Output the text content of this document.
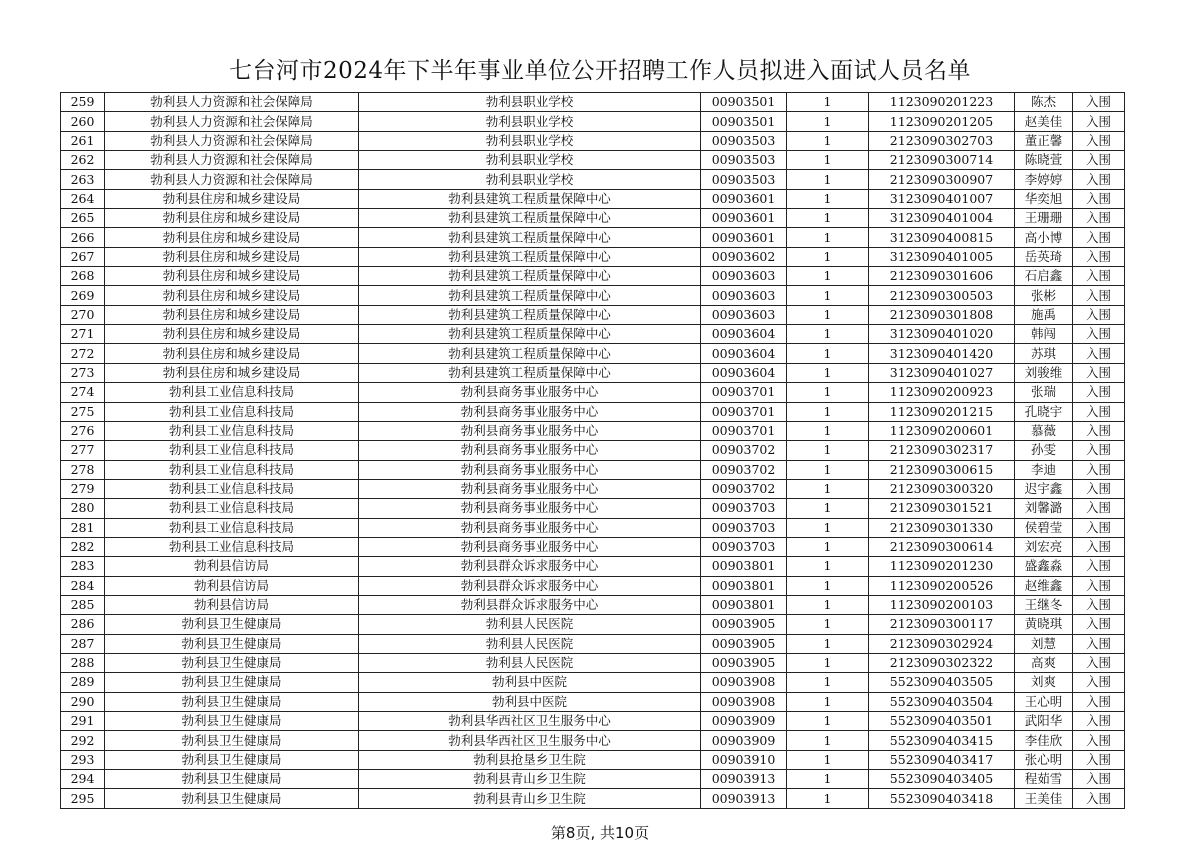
七台河市2024年下半年事业单位公开招聘工作人员拟进入面试人员名单
259	勃利县人力资源和社会保障局	勃利县职业学校	00903501	1	1123090201223	陈杰	入围
260	勃利县人力资源和社会保障局	勃利县职业学校	00903501	1	1123090201205	赵美佳	入围
261	勃利县人力资源和社会保障局	勃利县职业学校	00903503	1	2123090302703	董正馨	入围
262	勃利县人力资源和社会保障局	勃利县职业学校	00903503	1	2123090300714	陈晓萱	入围
263	勃利县人力资源和社会保障局	勃利县职业学校	00903503	1	2123090300907	李婷婷	入围
264	勃利县住房和城乡建设局	勃利县建筑工程质量保障中心	00903601	1	3123090401007	华奕旭	入围
265	勃利县住房和城乡建设局	勃利县建筑工程质量保障中心	00903601	1	3123090401004	王珊珊	入围
266	勃利县住房和城乡建设局	勃利县建筑工程质量保障中心	00903601	1	3123090400815	高小博	入围
267	勃利县住房和城乡建设局	勃利县建筑工程质量保障中心	00903602	1	3123090401005	岳英琦	入围
268	勃利县住房和城乡建设局	勃利县建筑工程质量保障中心	00903603	1	2123090301606	石启鑫	入围
269	勃利县住房和城乡建设局	勃利县建筑工程质量保障中心	00903603	1	2123090300503	张彬	入围
270	勃利县住房和城乡建设局	勃利县建筑工程质量保障中心	00903603	1	2123090301808	施禹	入围
271	勃利县住房和城乡建设局	勃利县建筑工程质量保障中心	00903604	1	3123090401020	韩闯	入围
272	勃利县住房和城乡建设局	勃利县建筑工程质量保障中心	00903604	1	3123090401420	苏琪	入围
273	勃利县住房和城乡建设局	勃利县建筑工程质量保障中心	00903604	1	3123090401027	刘骏维	入围
274	勃利县工业信息科技局	勃利县商务事业服务中心	00903701	1	1123090200923	张瑞	入围
275	勃利县工业信息科技局	勃利县商务事业服务中心	00903701	1	1123090201215	孔晓宇	入围
276	勃利县工业信息科技局	勃利县商务事业服务中心	00903701	1	1123090200601	慕薇	入围
277	勃利县工业信息科技局	勃利县商务事业服务中心	00903702	1	2123090302317	孙雯	入围
278	勃利县工业信息科技局	勃利县商务事业服务中心	00903702	1	2123090300615	李迪	入围
279	勃利县工业信息科技局	勃利县商务事业服务中心	00903702	1	2123090300320	迟宇鑫	入围
280	勃利县工业信息科技局	勃利县商务事业服务中心	00903703	1	2123090301521	刘馨潞	入围
281	勃利县工业信息科技局	勃利县商务事业服务中心	00903703	1	2123090301330	侯碧莹	入围
282	勃利县工业信息科技局	勃利县商务事业服务中心	00903703	1	2123090300614	刘宏亮	入围
283	勃利县信访局	勃利县群众诉求服务中心	00903801	1	1123090201230	盛鑫淼	入围
284	勃利县信访局	勃利县群众诉求服务中心	00903801	1	1123090200526	赵维鑫	入围
285	勃利县信访局	勃利县群众诉求服务中心	00903801	1	1123090200103	王继冬	入围
286	勃利县卫生健康局	勃利县人民医院	00903905	1	2123090300117	黄晓琪	入围
287	勃利县卫生健康局	勃利县人民医院	00903905	1	2123090302924	刘慧	入围
288	勃利县卫生健康局	勃利县人民医院	00903905	1	2123090302322	高爽	入围
289	勃利县卫生健康局	勃利县中医院	00903908	1	5523090403505	刘爽	入围
290	勃利县卫生健康局	勃利县中医院	00903908	1	5523090403504	王心明	入围
291	勃利县卫生健康局	勃利县华西社区卫生服务中心	00903909	1	5523090403501	武阳华	入围
292	勃利县卫生健康局	勃利县华西社区卫生服务中心	00903909	1	5523090403415	李佳欣	入围
293	勃利县卫生健康局	勃利县抢垦乡卫生院	00903910	1	5523090403417	张心明	入围
294	勃利县卫生健康局	勃利县青山乡卫生院	00903913	1	5523090403405	程茹雪	入围
295	勃利县卫生健康局	勃利县青山乡卫生院	00903913	1	5523090403418	王美佳	入围
第8页, 共10页
